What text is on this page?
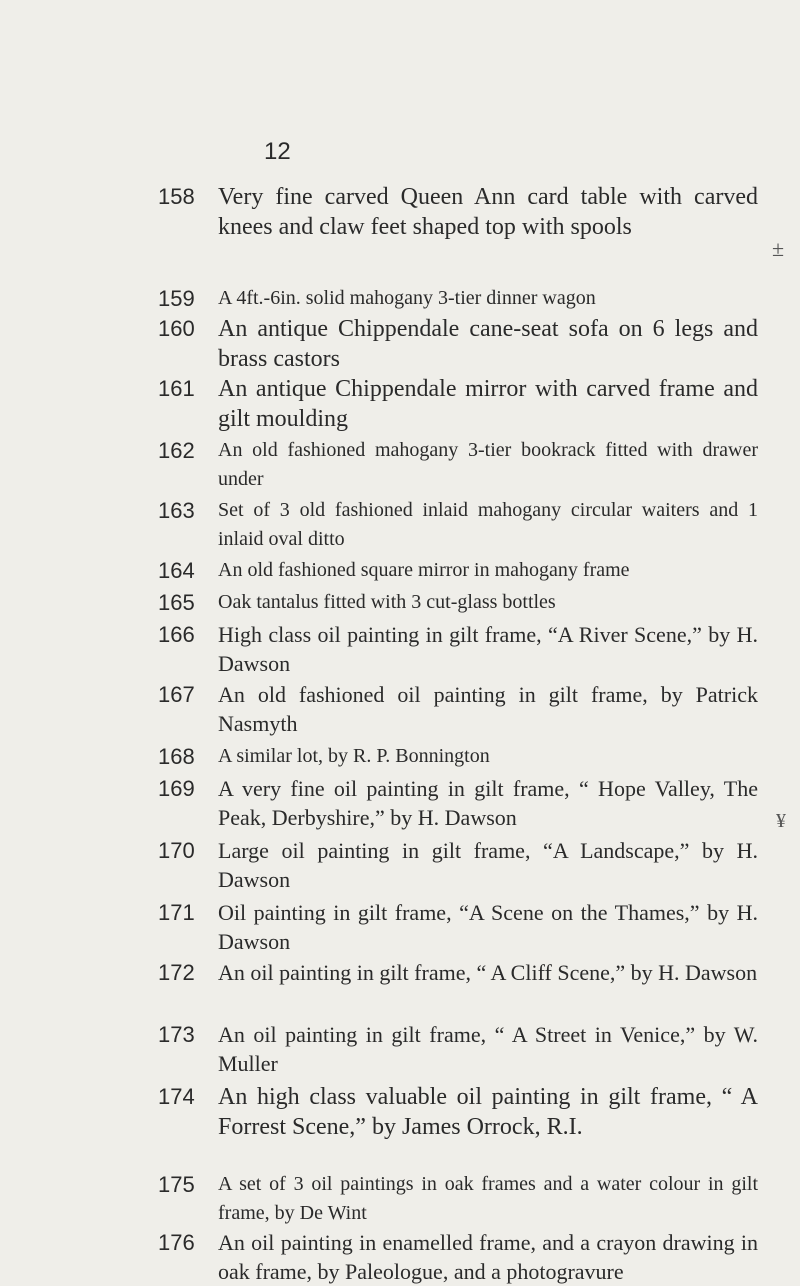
12
158 Very fine carved Queen Ann card table with carved knees and claw feet shaped top with spools
159 A 4ft.-6in. solid mahogany 3-tier dinner wagon
160 An antique Chippendale cane-seat sofa on 6 legs and brass castors
161 An antique Chippendale mirror with carved frame and gilt moulding
162 An old fashioned mahogany 3-tier bookrack fitted with drawer under
163 Set of 3 old fashioned inlaid mahogany circular waiters and 1 inlaid oval ditto
164 An old fashioned square mirror in mahogany frame
165 Oak tantalus fitted with 3 cut-glass bottles
166 High class oil painting in gilt frame, “A River Scene,” by H. Dawson
167 An old fashioned oil painting in gilt frame, by Patrick Nasmyth
168 A similar lot, by R. P. Bonnington
169 A very fine oil painting in gilt frame, “ Hope Valley, The Peak, Derbyshire,” by H. Dawson
170 Large oil painting in gilt frame, “A Landscape,” by H. Dawson
171 Oil painting in gilt frame, “A Scene on the Thames,” by H. Dawson
172 An oil painting in gilt frame, “ A Cliff Scene,” by H. Dawson
173 An oil painting in gilt frame, “ A Street in Venice,” by W. Muller
174 An high class valuable oil painting in gilt frame, “ A Forrest Scene,” by James Orrock, R.I.
175 A set of 3 oil paintings in oak frames and a water colour in gilt frame, by De Wint
176 An oil painting in enamelled frame, and a crayon drawing in oak frame, by Paleologue, and a photogravure
±
¥
